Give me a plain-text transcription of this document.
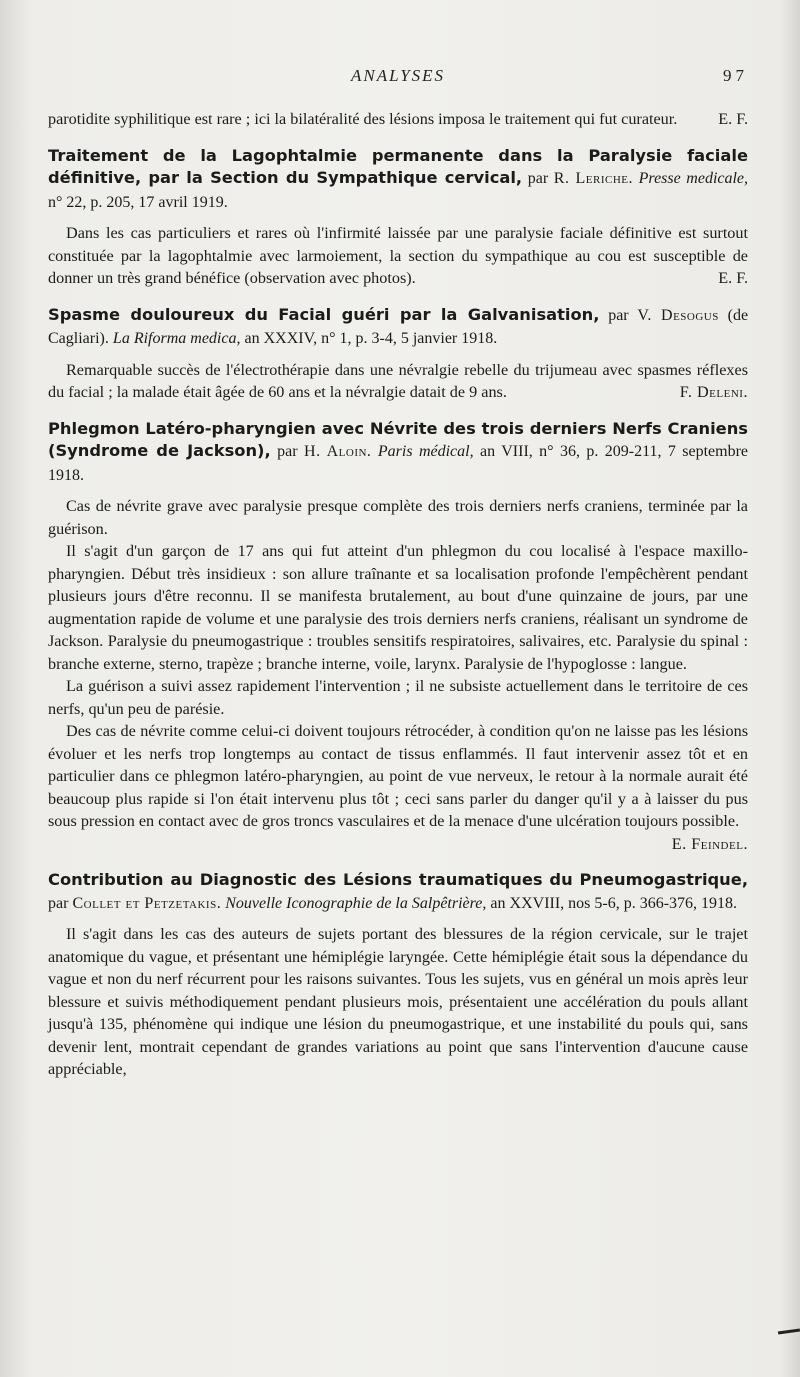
ANALYSES	97

parotidite syphilitique est rare ; ici la bilatéralité des lésions imposa le traitement qui fut curateur.	E. F.

Traitement de la Lagophtalmie permanente dans la Paralysie faciale définitive, par la Section du Sympathique cervical, par R. Leriche. Presse medicale, n° 22, p. 205, 17 avril 1919.

Dans les cas particuliers et rares où l'infirmité laissée par une paralysie faciale définitive est surtout constituée par la lagophtalmie avec larmoiement, la section du sympathique au cou est susceptible de donner un très grand bénéfice (observation avec photos).	E. F.

Spasme douloureux du Facial guéri par la Galvanisation, par V. Desogus (de Cagliari). La Riforma medica, an XXXIV, n° 1, p. 3-4, 5 janvier 1918.

Remarquable succès de l'électrothérapie dans une névralgie rebelle du trijumeau avec spasmes réflexes du facial ; la malade était âgée de 60 ans et la névralgie datait de 9 ans.	F. Deleni.

Phlegmon Latéro-pharyngien avec Névrite des trois derniers Nerfs Craniens (Syndrome de Jackson), par H. Aloin. Paris médical, an VIII, n° 36, p. 209-211, 7 septembre 1918.

Cas de névrite grave avec paralysie presque complète des trois derniers nerfs craniens, terminée par la guérison.

Il s'agit d'un garçon de 17 ans qui fut atteint d'un phlegmon du cou localisé à l'espace maxillo-pharyngien. Début très insidieux : son allure traînante et sa localisation profonde l'empêchèrent pendant plusieurs jours d'être reconnu. Il se manifesta brutalement, au bout d'une quinzaine de jours, par une augmentation rapide de volume et une paralysie des trois derniers nerfs craniens, réalisant un syndrome de Jackson. Paralysie du pneumogastrique : troubles sensitifs respiratoires, salivaires, etc. Paralysie du spinal : branche externe, sterno, trapèze ; branche interne, voile, larynx. Paralysie de l'hypoglosse : langue.

La guérison a suivi assez rapidement l'intervention ; il ne subsiste actuellement dans le territoire de ces nerfs, qu'un peu de parésie.

Des cas de névrite comme celui-ci doivent toujours rétrocéder, à condition qu'on ne laisse pas les lésions évoluer et les nerfs trop longtemps au contact de tissus enflammés. Il faut intervenir assez tôt et en particulier dans ce phlegmon latéro-pharyngien, au point de vue nerveux, le retour à la normale aurait été beaucoup plus rapide si l'on était intervenu plus tôt ; ceci sans parler du danger qu'il y a à laisser du pus sous pression en contact avec de gros troncs vasculaires et de la menace d'une ulcération toujours possible.
E. Feindel.

Contribution au Diagnostic des Lésions traumatiques du Pneumogastrique, par Collet et Petzetakis. Nouvelle Iconographie de la Salpêtrière, an XXVIII, nos 5-6, p. 366-376, 1918.

Il s'agit dans les cas des auteurs de sujets portant des blessures de la région cervicale, sur le trajet anatomique du vague, et présentant une hémiplégie laryngée. Cette hémiplégie était sous la dépendance du vague et non du nerf récurrent pour les raisons suivantes. Tous les sujets, vus en général un mois après leur blessure et suivis méthodiquement pendant plusieurs mois, présentaient une accélération du pouls allant jusqu'à 135, phénomène qui indique une lésion du pneumogastrique, et une instabilité du pouls qui, sans devenir lent, montrait cependant de grandes variations au point que sans l'intervention d'aucune cause appréciable,
